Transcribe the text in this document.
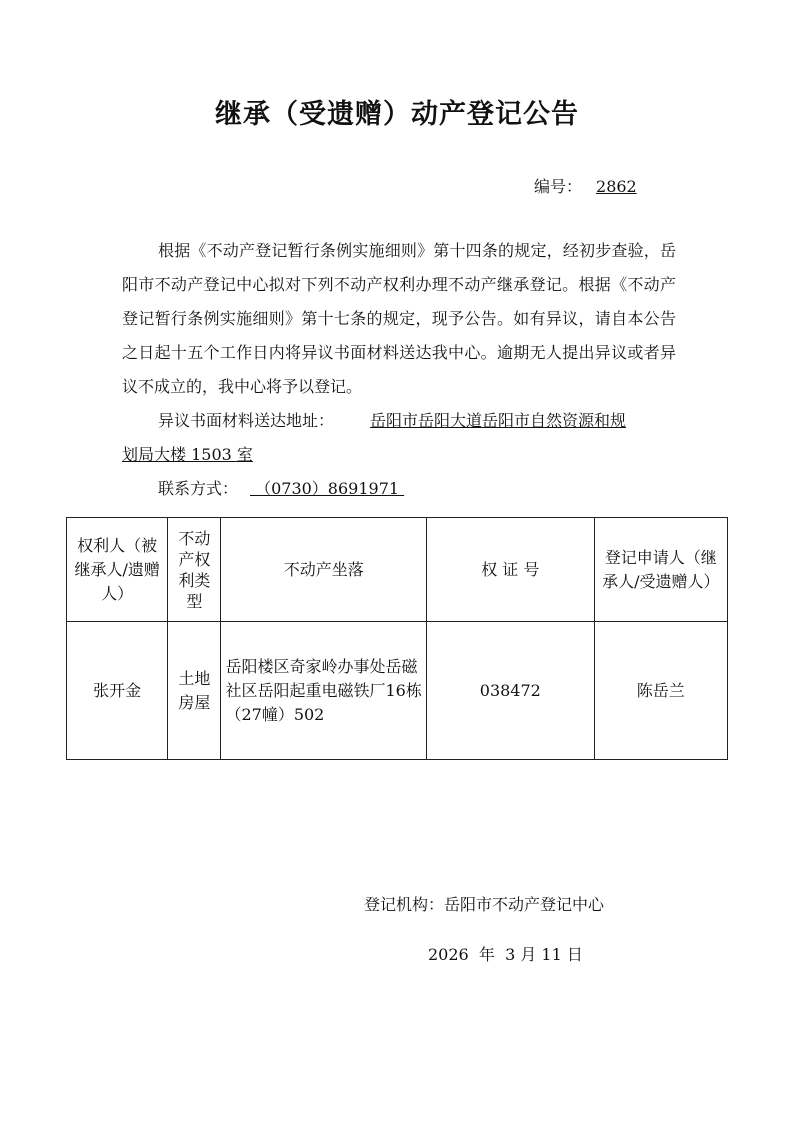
继承（受遗赠）动产登记公告
编号： 2862
根据《不动产登记暂行条例实施细则》第十四条的规定，经初步查验，岳阳市不动产登记中心拟对下列不动产权利办理不动产继承登记。根据《不动产登记暂行条例实施细则》第十七条的规定，现予公告。如有异议，请自本公告之日起十五个工作日内将异议书面材料送达我中心。逾期无人提出异议或者异议不成立的，我中心将予以登记。
异议书面材料送达地址： 岳阳市岳阳大道岳阳市自然资源和规
划局大楼 1503 室
联系方式： （0730）8691971
权利人（被继承人/遗赠人）	不动产权利类型	不动产坐落	权 证 号	登记申请人（继承人/受遗赠人）
张开金	土地房屋	岳阳楼区奇家岭办事处岳磁社区岳阳起重电磁铁厂16栋（27幢）502	038472	陈岳兰
登记机构：岳阳市不动产登记中心
2026  年  3 月 11 日
